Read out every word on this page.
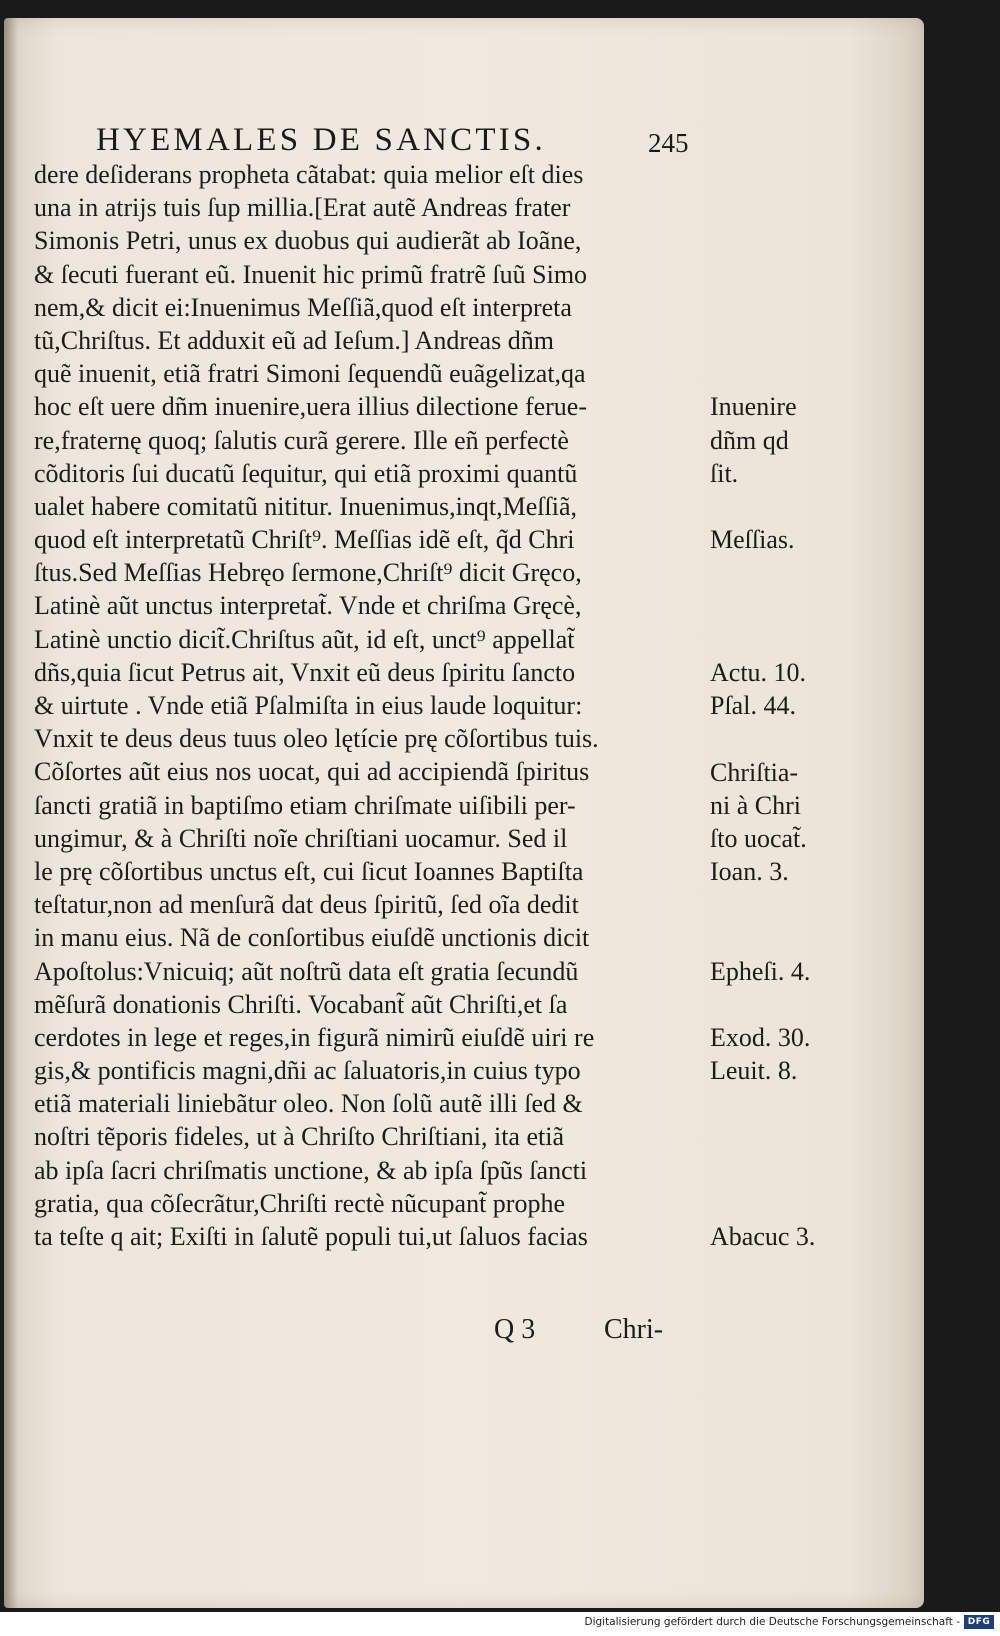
HYEMALES DE SANCTIS.	245
dere deſiderans propheta cãtabat: quia melior eſt dies
una in atrijs tuis ſup millia.[Erat autẽ Andreas frater
Simonis Petri, unus ex duobus qui audierãt ab Ioãne,
& ſecuti fuerant eũ. Inuenit hic primũ fratrẽ ſuũ Simo
nem,& dicit ei:Inuenimus Meſſiã,quod eſt interpreta
tũ,Chriſtus. Et adduxit eũ ad Ieſum.] Andreas dñm
quẽ inuenit, etiã fratri Simoni ſequendũ euãgelizat,qa
hoc eſt uere dñm inuenire,uera illius dilectione ferue-
re,fraternę quoq; ſalutis curã gerere. Ille eñ perfectè
cõditoris ſui ducatũ ſequitur, qui etiã proximi quantũ
ualet habere comitatũ nititur. Inuenimus,inqt,Meſſiã,
quod eſt interpretatũ Chriſt⁹. Meſſias idẽ eſt, q̃d Chri
ſtus.Sed Meſſias Hebręo ſermone,Chriſt⁹ dicit Gręco,
Latinè aũt unctus interpretat̃. Vnde et chriſma Gręcè,
Latinè unctio dicit̃.Chriſtus aũt, id eſt, unct⁹ appellat̃
dñs,quia ſicut Petrus ait, Vnxit eũ deus ſpiritu ſancto
& uirtute . Vnde etiã Pſalmiſta in eius laude loquitur:
Vnxit te deus deus tuus oleo lętície prę cõſortibus tuis.
Cõſortes aũt eius nos uocat, qui ad accipiendã ſpiritus
ſancti gratiã in baptiſmo etiam chriſmate uiſibili per-
ungimur, & à Chriſti noĩe chriſtiani uocamur. Sed il
le prę cõſortibus unctus eſt, cui ſicut Ioannes Baptiſta
teſtatur,non ad menſurã dat deus ſpiritũ, ſed oĩa dedit
in manu eius. Nã de conſortibus eiuſdẽ unctionis dicit
Apoſtolus:Vnicuiq; aũt noſtrũ data eſt gratia ſecundũ
mẽſurã donationis Chriſti. Vocabant̃ aũt Chriſti,et ſa
cerdotes in lege et reges,in figurã nimirũ eiuſdẽ uiri re
gis,& pontificis magni,dñi ac ſaluatoris,in cuius typo
etiã materiali liniebãtur oleo. Non ſolũ autẽ illi ſed &
noſtri tẽporis fideles, ut à Chriſto Chriſtiani, ita etiã
ab ipſa ſacri chriſmatis unctione, & ab ipſa ſpũs ſancti
gratia, qua cõſecrãtur,Chriſti rectè nũcupant̃ prophe
ta teſte q ait; Exiſti in ſalutẽ populi tui,ut ſaluos facias
Inuenire
dñm qd
ſit.
Meſſias.
Actu. 10.
Pſal. 44.
Chriſtia-
ni à Chri
ſto uocat̃.
Ioan. 3.
Epheſi. 4.
Exod. 30.
Leuit. 8.
Abacuc 3.
Q 3 Chri-
Digitalisierung gefördert durch die Deutsche Forschungsgemeinschaft - DFG
